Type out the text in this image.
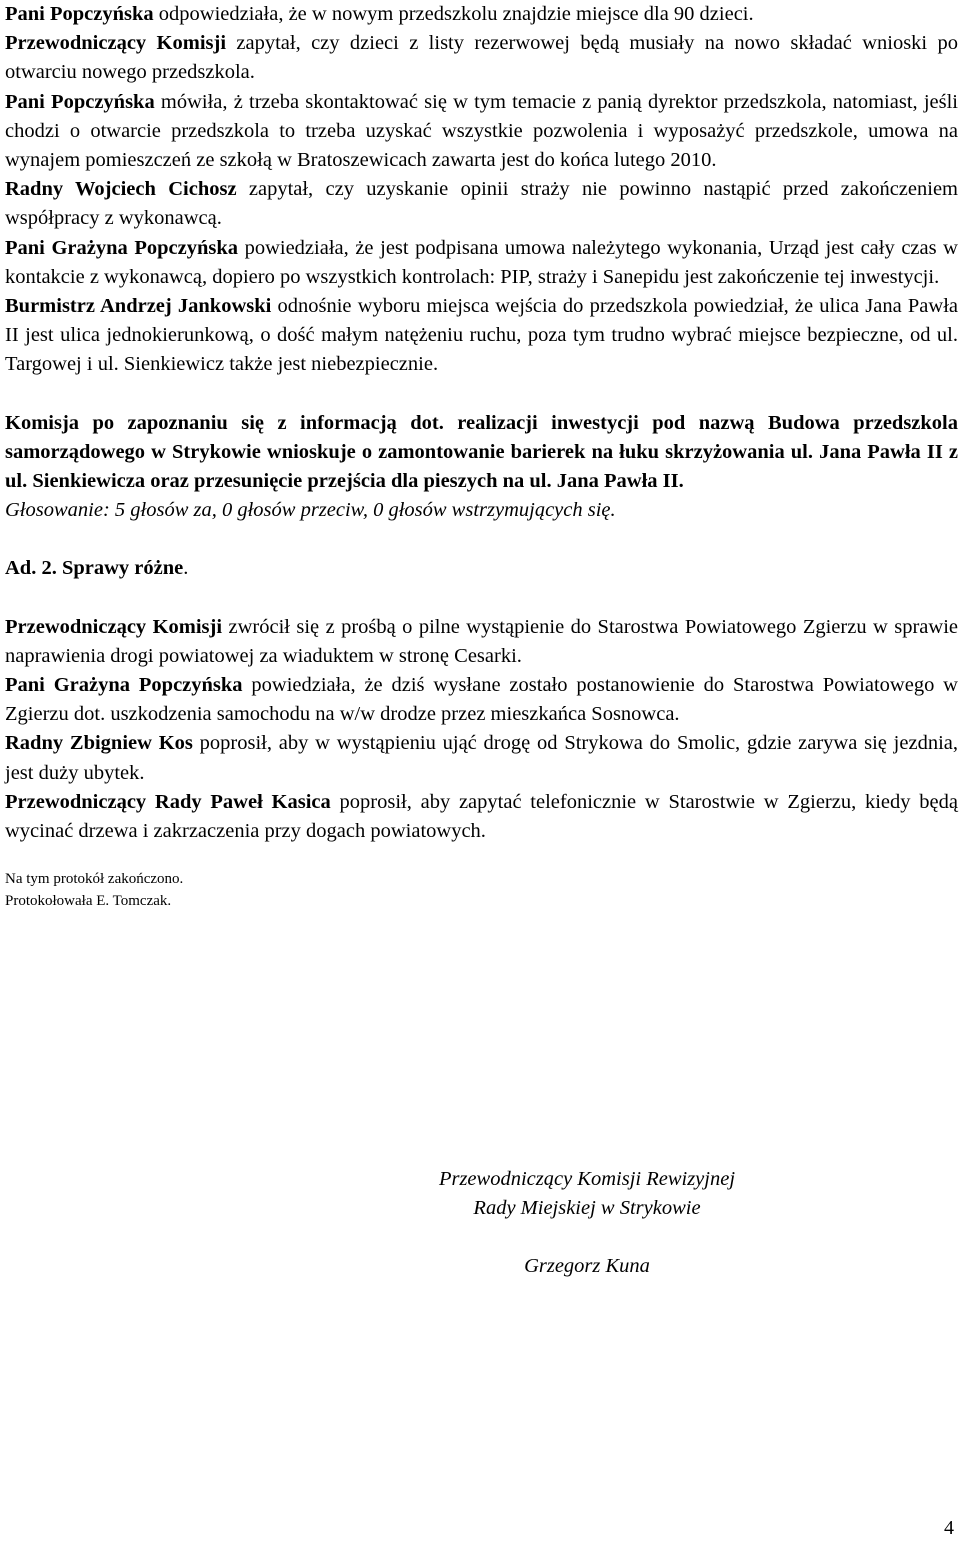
Pani Popczyńska odpowiedziała, że w nowym przedszkolu znajdzie miejsce dla 90 dzieci.

Przewodniczący Komisji zapytał, czy dzieci z listy rezerwowej będą musiały na nowo składać wnioski po otwarciu nowego przedszkola.

Pani Popczyńska mówiła, ż trzeba skontaktować się w tym temacie z panią dyrektor przedszkola, natomiast, jeśli chodzi o otwarcie przedszkola to trzeba uzyskać wszystkie pozwolenia i wyposażyć przedszkole, umowa na wynajem pomieszczeń ze szkołą w Bratoszewicach zawarta jest do końca lutego 2010.

Radny Wojciech Cichosz zapytał, czy uzyskanie opinii straży nie powinno nastąpić przed zakończeniem współpracy z wykonawcą.

Pani Grażyna Popczyńska powiedziała, że jest podpisana umowa należytego wykonania, Urząd jest cały czas w kontakcie z wykonawcą, dopiero po wszystkich kontrolach: PIP, straży i Sanepidu jest zakończenie tej inwestycji.

Burmistrz Andrzej Jankowski odnośnie wyboru miejsca wejścia do przedszkola powiedział, że ulica Jana Pawła II jest ulica jednokierunkową, o dość małym natężeniu ruchu, poza tym trudno wybrać miejsce bezpieczne, od ul. Targowej i ul. Sienkiewicz także jest niebezpiecznie.

Komisja po zapoznaniu się z informacją dot. realizacji inwestycji pod nazwą Budowa przedszkola samorządowego w Strykowie wnioskuje o zamontowanie barierek na łuku skrzyżowania ul. Jana Pawła II z ul. Sienkiewicza oraz przesunięcie przejścia dla pieszych na ul. Jana Pawła II.

Głosowanie: 5 głosów za, 0 głosów przeciw, 0 głosów wstrzymujących się.

Ad. 2. Sprawy różne.

Przewodniczący Komisji zwrócił się z prośbą o pilne wystąpienie do Starostwa Powiatowego Zgierzu w sprawie naprawienia drogi powiatowej za wiaduktem w stronę Cesarki.

Pani Grażyna Popczyńska powiedziała, że dziś wysłane zostało postanowienie do Starostwa Powiatowego w Zgierzu dot. uszkodzenia samochodu na w/w drodze przez mieszkańca Sosnowca.

Radny Zbigniew Kos poprosił, aby w wystąpieniu ująć drogę od Strykowa do Smolic, gdzie zarywa się jezdnia, jest duży ubytek.

Przewodniczący Rady Paweł Kasica poprosił, aby zapytać telefonicznie w Starostwie w Zgierzu, kiedy będą wycinać drzewa i zakrzaczenia przy dogach powiatowych.

Na tym protokół zakończono.

Protokołowała E. Tomczak.

Przewodniczący Komisji Rewizyjnej

Rady Miejskiej w Strykowie

Grzegorz Kuna

4
